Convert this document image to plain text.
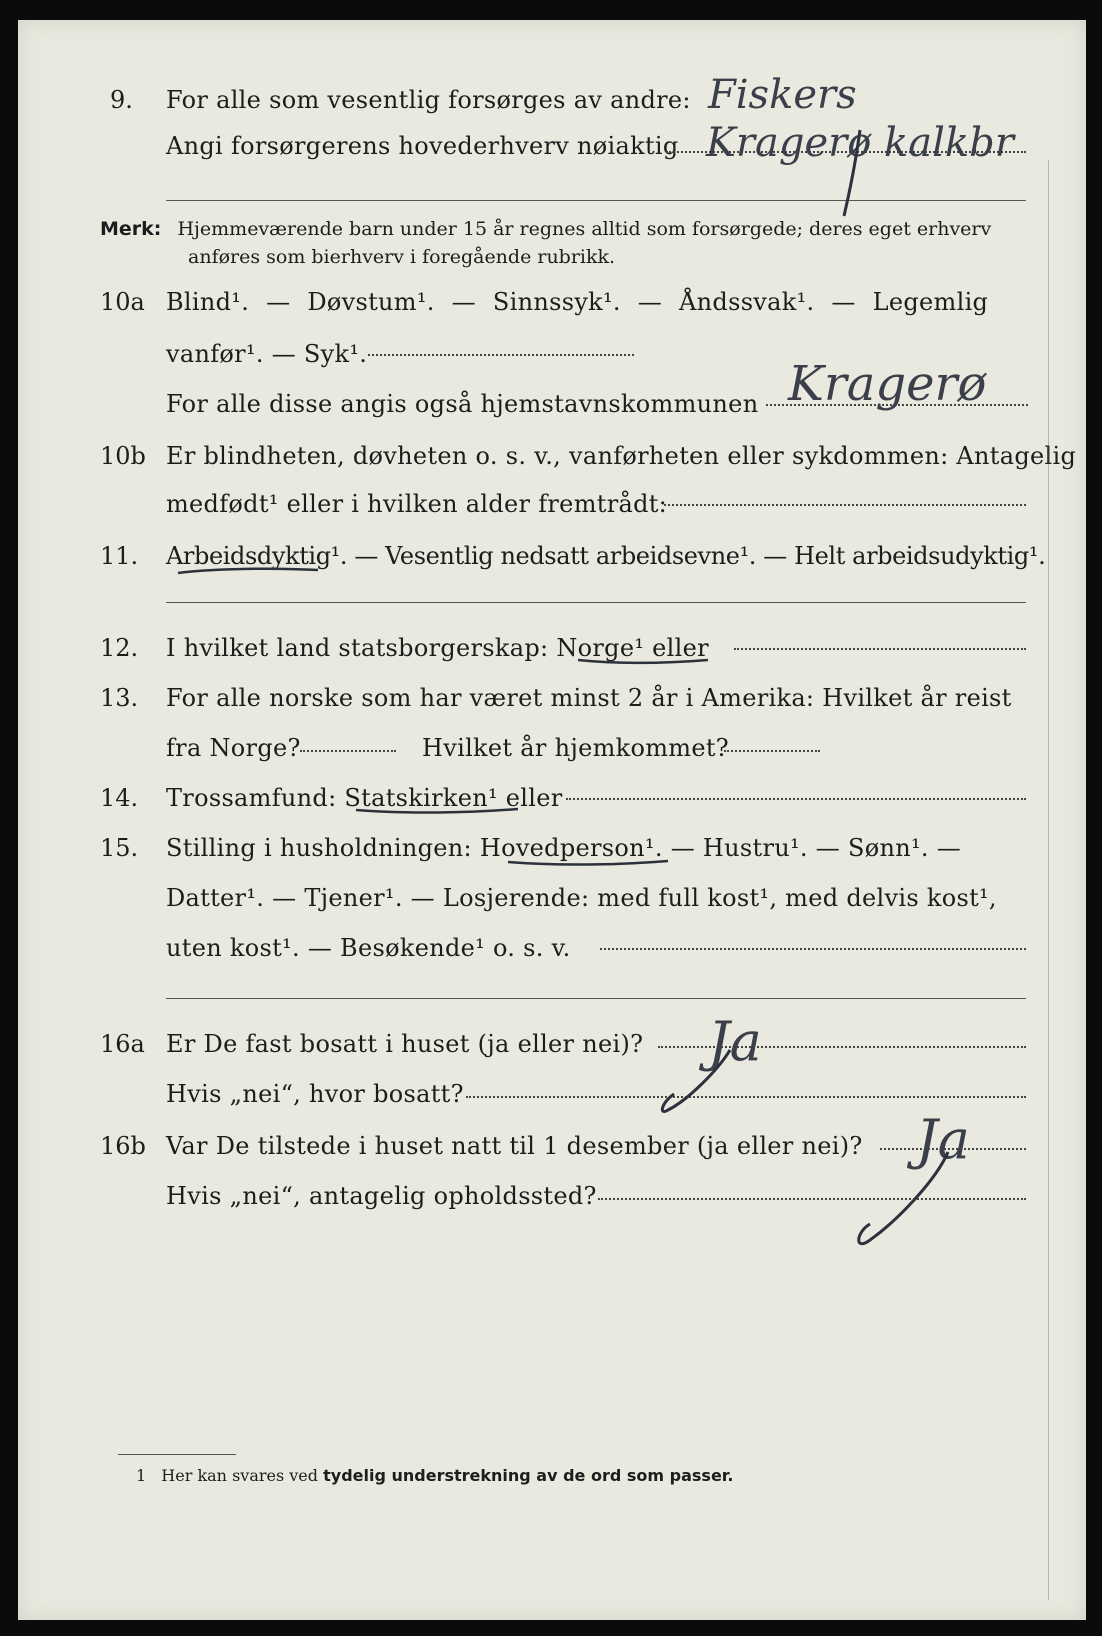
9. For alle som vesentlig forsørges av andre:
Angi forsørgerens hovederhverv nøiaktig
Fiskers
Kragerø kalkbr
Merk: Hjemmeværende barn under 15 år regnes alltid som forsørgede; deres eget erhverv
anføres som bierhverv i foregående rubrikk.
10a Blind¹. — Døvstum¹. — Sinnssyk¹. — Åndssvak¹. — Legemlig
vanfør¹. — Syk¹.
For alle disse angis også hjemstavnskommunen Kragerø
10b Er blindheten, døvheten o. s. v., vanførheten eller sykdommen: Antagelig
medfødt¹ eller i hvilken alder fremtrådt:
11. Arbeidsdyktig¹. — Vesentlig nedsatt arbeidsevne¹. — Helt arbeidsudyktig¹.
12. I hvilket land statsborgerskap: Norge¹ eller
13. For alle norske som har været minst 2 år i Amerika: Hvilket år reist
fra Norge?	Hvilket år hjemkommet?
14. Trossamfund: Statskirken¹ eller
15. Stilling i husholdningen: Hovedperson¹. — Hustru¹. — Sønn¹. —
Datter¹. — Tjener¹. — Losjerende: med full kost¹, med delvis kost¹,
uten kost¹. — Besøkende¹ o. s. v.
16a Er De fast bosatt i huset (ja eller nei)?
Hvis „nei“, hvor bosatt?
Ja
16b Var De tilstede i huset natt til 1 desember (ja eller nei)?
Hvis „nei“, antagelig opholdssted?
Ja
1 Her kan svares ved tydelig understrekning av de ord som passer.
